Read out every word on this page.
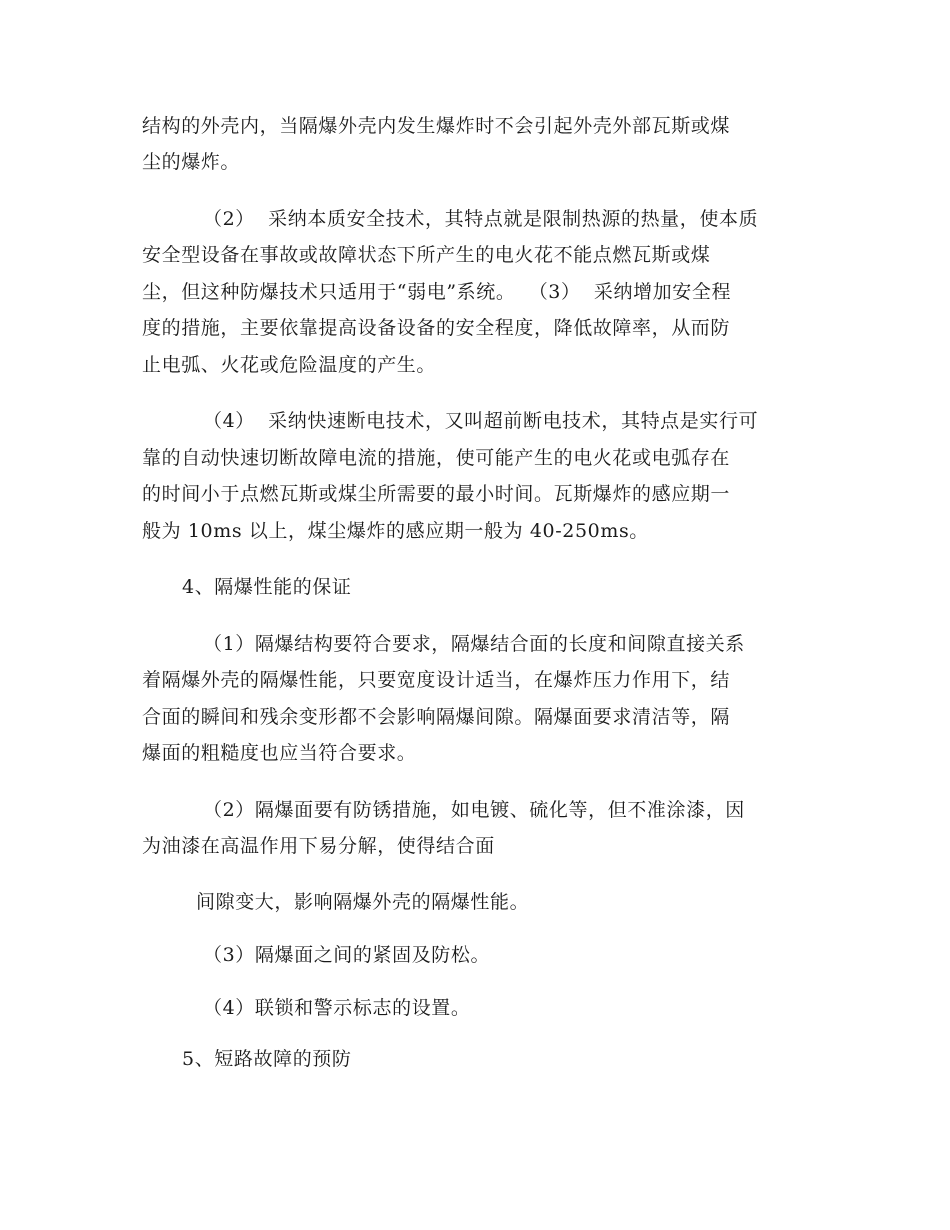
结构的外壳内，当隔爆外壳内发生爆炸时不会引起外壳外部瓦斯或煤
尘的爆炸。
（2）  采纳本质安全技术，其特点就是限制热源的热量，使本质
安全型设备在事故或故障状态下所产生的电火花不能点燃瓦斯或煤
尘，但这种防爆技术只适用于“弱电”系统。  （3）  采纳增加安全程
度的措施，主要依靠提高设备设备的安全程度，降低故障率，从而防
止电弧、火花或危险温度的产生。
（4）  采纳快速断电技术，又叫超前断电技术，其特点是实行可
靠的自动快速切断故障电流的措施，使可能产生的电火花或电弧存在
的时间小于点燃瓦斯或煤尘所需要的最小时间。瓦斯爆炸的感应期一
般为 10ms 以上，煤尘爆炸的感应期一般为 40-250ms。
4、隔爆性能的保证
（1）隔爆结构要符合要求，隔爆结合面的长度和间隙直接关系
着隔爆外壳的隔爆性能，只要宽度设计适当，在爆炸压力作用下，结
合面的瞬间和残余变形都不会影响隔爆间隙。隔爆面要求清洁等，隔
爆面的粗糙度也应当符合要求。
（2）隔爆面要有防锈措施，如电镀、硫化等，但不准涂漆，因
为油漆在高温作用下易分解，使得结合面
间隙变大，影响隔爆外壳的隔爆性能。
（3）隔爆面之间的紧固及防松。
（4）联锁和警示标志的设置。
5、短路故障的预防
